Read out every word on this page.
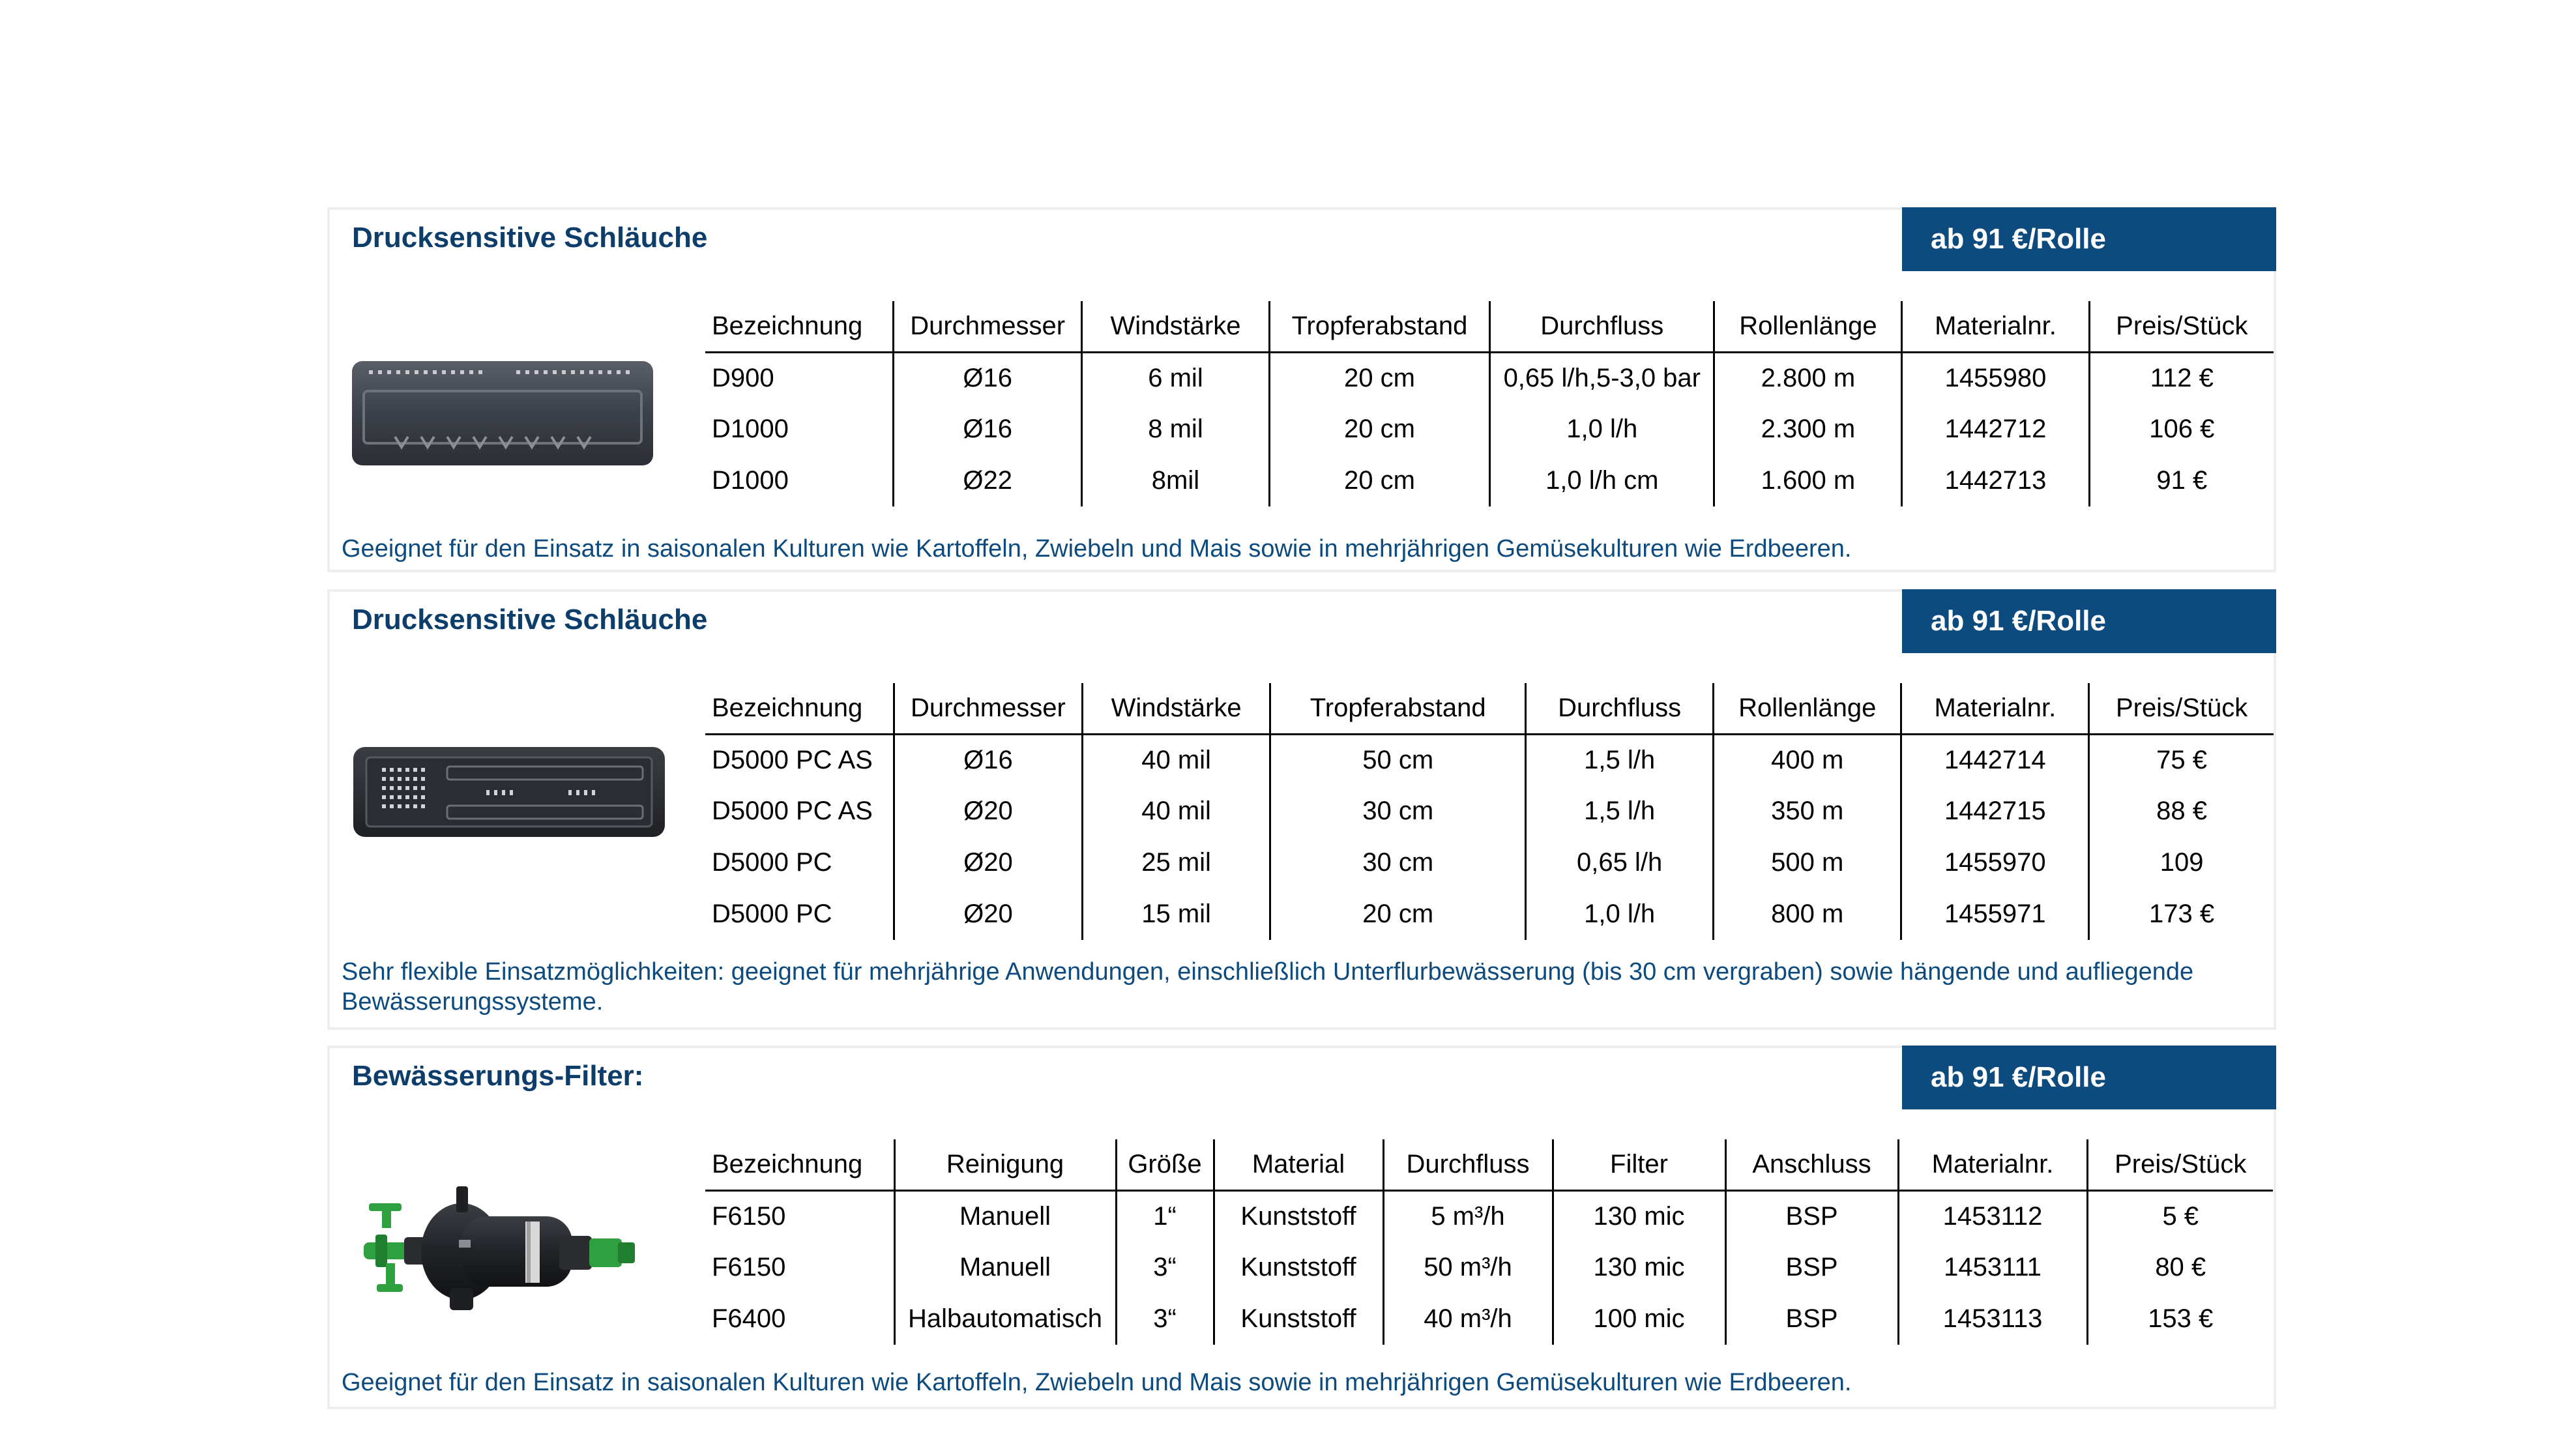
Drucksensitive Schläuche	ab 91 €/Rolle
Bezeichnung	Durchmesser	Windstärke	Tropferabstand	Durchfluss	Rollenlänge	Materialnr.	Preis/Stück
D900	Ø16	6 mil	20 cm	0,65 l/h,5-3,0 bar	2.800 m	1455980	112 €
D1000	Ø16	8 mil	20 cm	1,0 l/h	2.300 m	1442712	106 €
D1000	Ø22	8mil	20 cm	1,0 l/h cm	1.600 m	1442713	91 €
Geeignet für den Einsatz in saisonalen Kulturen wie Kartoffeln, Zwiebeln und Mais sowie in mehrjährigen Gemüsekulturen wie Erdbeeren.
Drucksensitive Schläuche	ab 91 €/Rolle
Bezeichnung	Durchmesser	Windstärke	Tropferabstand	Durchfluss	Rollenlänge	Materialnr.	Preis/Stück
D5000 PC AS	Ø16	40 mil	50 cm	1,5 l/h	400 m	1442714	75 €
D5000 PC AS	Ø20	40 mil	30 cm	1,5 l/h	350 m	1442715	88 €
D5000 PC	Ø20	25 mil	30 cm	0,65 l/h	500 m	1455970	109
D5000 PC	Ø20	15 mil	20 cm	1,0 l/h	800 m	1455971	173 €
Sehr flexible Einsatzmöglichkeiten: geeignet für mehrjährige Anwendungen, einschließlich Unterflurbewässerung (bis 30 cm vergraben) sowie hängende und aufliegende Bewässerungssysteme.
Bewässerungs-Filter:	ab 91 €/Rolle
Bezeichnung	Reinigung	Größe	Material	Durchfluss	Filter	Anschluss	Materialnr.	Preis/Stück
F6150	Manuell	1“	Kunststoff	5 m³/h	130 mic	BSP	1453112	5 €
F6150	Manuell	3“	Kunststoff	50 m³/h	130 mic	BSP	1453111	80 €
F6400	Halbautomatisch	3“	Kunststoff	40 m³/h	100 mic	BSP	1453113	153 €
Geeignet für den Einsatz in saisonalen Kulturen wie Kartoffeln, Zwiebeln und Mais sowie in mehrjährigen Gemüsekulturen wie Erdbeeren.
